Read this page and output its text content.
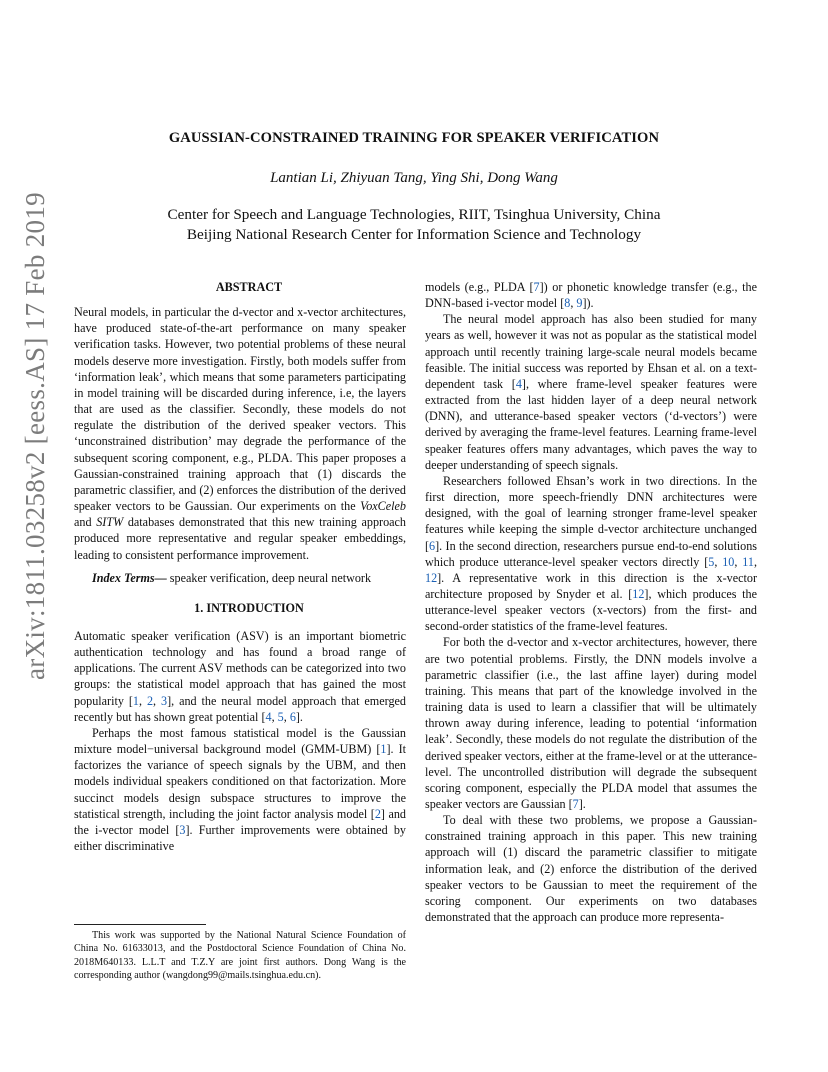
arXiv:1811.03258v2 [eess.AS] 17 Feb 2019
GAUSSIAN-CONSTRAINED TRAINING FOR SPEAKER VERIFICATION
Lantian Li, Zhiyuan Tang, Ying Shi, Dong Wang
Center for Speech and Language Technologies, RIIT, Tsinghua University, China
Beijing National Research Center for Information Science and Technology

ABSTRACT

Neural models, in particular the d-vector and x-vector architectures, have produced state-of-the-art performance on many speaker verification tasks. However, two potential problems of these neural models deserve more investigation. Firstly, both models suffer from ‘information leak’, which means that some parameters participating in model training will be discarded during inference, i.e, the layers that are used as the classifier. Secondly, these models do not regulate the distribution of the derived speaker vectors. This ‘unconstrained distribution’ may degrade the performance of the subsequent scoring component, e.g., PLDA. This paper proposes a Gaussian-constrained training approach that (1) discards the parametric classifier, and (2) enforces the distribution of the derived speaker vectors to be Gaussian. Our experiments on the VoxCeleb and SITW databases demonstrated that this new training approach produced more representative and regular speaker embeddings, leading to consistent performance improvement.

Index Terms— speaker verification, deep neural network

1. INTRODUCTION

Automatic speaker verification (ASV) is an important biometric authentication technology and has found a broad range of applications. The current ASV methods can be categorized into two groups: the statistical model approach that has gained the most popularity [1, 2, 3], and the neural model approach that emerged recently but has shown great potential [4, 5, 6].

Perhaps the most famous statistical model is the Gaussian mixture model−universal background model (GMM-UBM) [1]. It factorizes the variance of speech signals by the UBM, and then models individual speakers conditioned on that factorization. More succinct models design subspace structures to improve the statistical strength, including the joint factor analysis model [2] and the i-vector model [3]. Further improvements were obtained by either discriminative

This work was supported by the National Natural Science Foundation of China No. 61633013, and the Postdoctoral Science Foundation of China No. 2018M640133. L.L.T and T.Z.Y are joint first authors. Dong Wang is the corresponding author (wangdong99@mails.tsinghua.edu.cn).

models (e.g., PLDA [7]) or phonetic knowledge transfer (e.g., the DNN-based i-vector model [8, 9]).

The neural model approach has also been studied for many years as well, however it was not as popular as the statistical model approach until recently training large-scale neural models became feasible. The initial success was reported by Ehsan et al. on a text-dependent task [4], where frame-level speaker features were extracted from the last hidden layer of a deep neural network (DNN), and utterance-based speaker vectors (‘d-vectors’) were derived by averaging the frame-level features. Learning frame-level speaker features offers many advantages, which paves the way to deeper understanding of speech signals.

Researchers followed Ehsan’s work in two directions. In the first direction, more speech-friendly DNN architectures were designed, with the goal of learning stronger frame-level speaker features while keeping the simple d-vector architecture unchanged [6]. In the second direction, researchers pursue end-to-end solutions which produce utterance-level speaker vectors directly [5, 10, 11, 12]. A representative work in this direction is the x-vector architecture proposed by Snyder et al. [12], which produces the utterance-level speaker vectors (x-vectors) from the first- and second-order statistics of the frame-level features.

For both the d-vector and x-vector architectures, however, there are two potential problems. Firstly, the DNN models involve a parametric classifier (i.e., the last affine layer) during model training. This means that part of the knowledge involved in the training data is used to learn a classifier that will be ultimately thrown away during inference, leading to potential ‘information leak’. Secondly, these models do not regulate the distribution of the derived speaker vectors, either at the frame-level or at the utterance-level. The uncontrolled distribution will degrade the subsequent scoring component, especially the PLDA model that assumes the speaker vectors are Gaussian [7].

To deal with these two problems, we propose a Gaussian-constrained training approach in this paper. This new training approach will (1) discard the parametric classifier to mitigate information leak, and (2) enforce the distribution of the derived speaker vectors to be Gaussian to meet the requirement of the scoring component. Our experiments on two databases demonstrated that the approach can produce more representa-
